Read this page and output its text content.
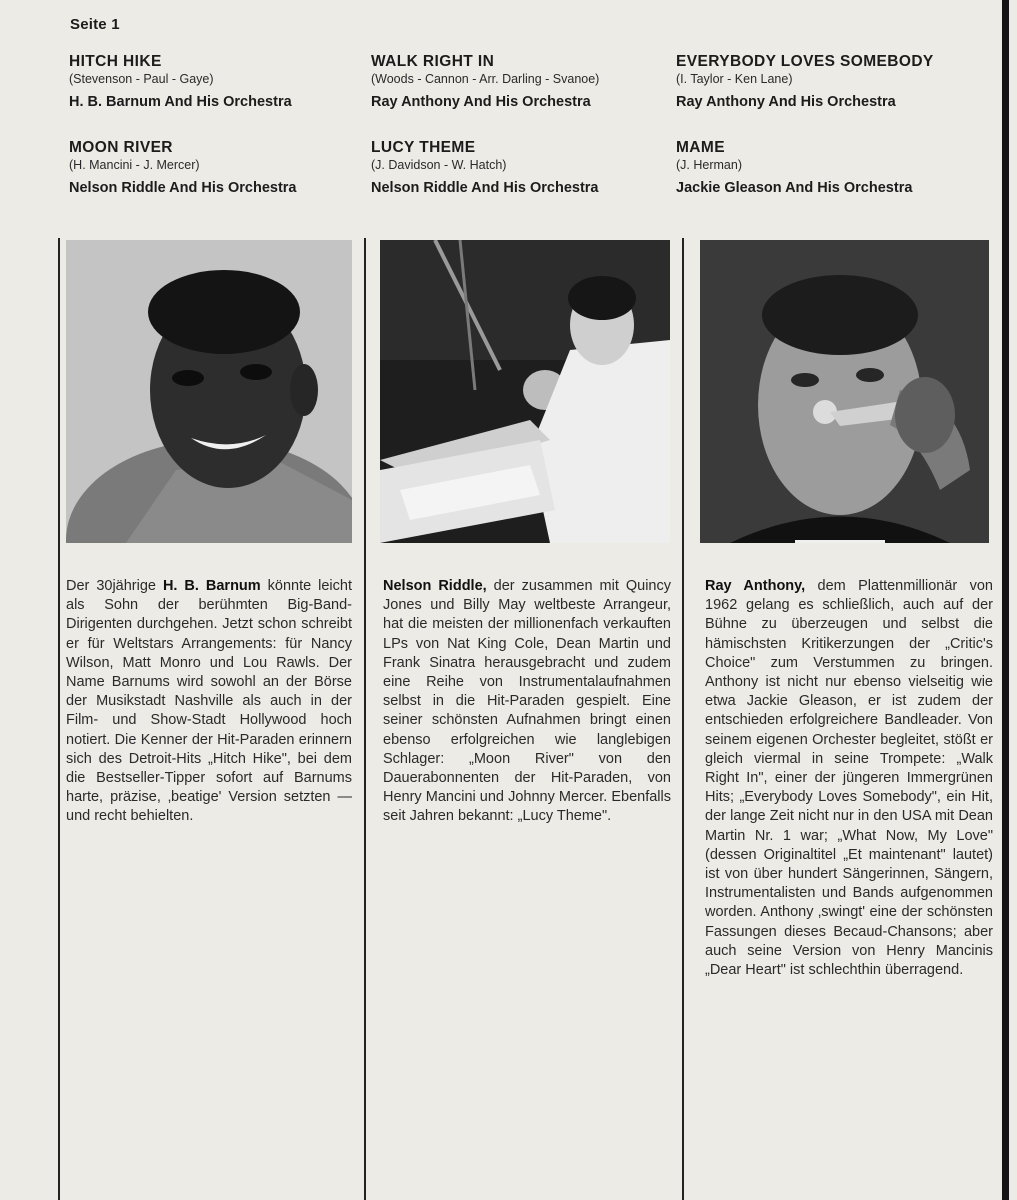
Seite 1
HITCH HIKE
(Stevenson - Paul - Gaye)
H. B. Barnum And His Orchestra
WALK RIGHT IN
(Woods - Cannon - Arr. Darling - Svanoe)
Ray Anthony And His Orchestra
EVERYBODY LOVES SOMEBODY
(I. Taylor - Ken Lane)
Ray Anthony And His Orchestra
MOON RIVER
(H. Mancini - J. Mercer)
Nelson Riddle And His Orchestra
LUCY THEME
(J. Davidson - W. Hatch)
Nelson Riddle And His Orchestra
MAME
(J. Herman)
Jackie Gleason And His Orchestra
Der 30jährige H. B. Barnum könnte leicht als Sohn der berühmten Big-Band-Dirigenten durchgehen. Jetzt schon schreibt er für Weltstars Arrangements: für Nancy Wilson, Matt Monro und Lou Rawls. Der Name Barnums wird sowohl an der Börse der Musikstadt Nashville als auch in der Film- und Show-Stadt Hollywood hoch notiert. Die Kenner der Hit-Paraden erinnern sich des Detroit-Hits „Hitch Hike", bei dem die Bestseller-Tipper sofort auf Barnums harte, präzise, ‚beatige' Version setzten — und recht behielten.
Nelson Riddle, der zusammen mit Quincy Jones und Billy May weltbeste Arrangeur, hat die meisten der millionenfach verkauften LPs von Nat King Cole, Dean Martin und Frank Sinatra herausgebracht und zudem eine Reihe von Instrumentalaufnahmen selbst in die Hit-Paraden gespielt. Eine seiner schönsten Aufnahmen bringt einen ebenso erfolgreichen wie langlebigen Schlager: „Moon River" von den Dauerabonnenten der Hit-Paraden, von Henry Mancini und Johnny Mercer. Ebenfalls seit Jahren bekannt: „Lucy Theme".
Ray Anthony, dem Plattenmillionär von 1962 gelang es schließlich, auch auf der Bühne zu überzeugen und selbst die hämischsten Kritikerzungen der „Critic's Choice" zum Verstummen zu bringen. Anthony ist nicht nur ebenso vielseitig wie etwa Jackie Gleason, er ist zudem der entschieden erfolgreichere Bandleader. Von seinem eigenen Orchester begleitet, stößt er gleich viermal in seine Trompete: „Walk Right In", einer der jüngeren Immergrünen Hits; „Everybody Loves Somebody", ein Hit, der lange Zeit nicht nur in den USA mit Dean Martin Nr. 1 war; „What Now, My Love" (dessen Originaltitel „Et maintenant" lautet) ist von über hundert Sängerinnen, Sängern, Instrumentalisten und Bands aufgenommen worden. Anthony ‚swingt' eine der schönsten Fassungen dieses Becaud-Chansons; aber auch seine Version von Henry Mancinis „Dear Heart" ist schlechthin überragend.
